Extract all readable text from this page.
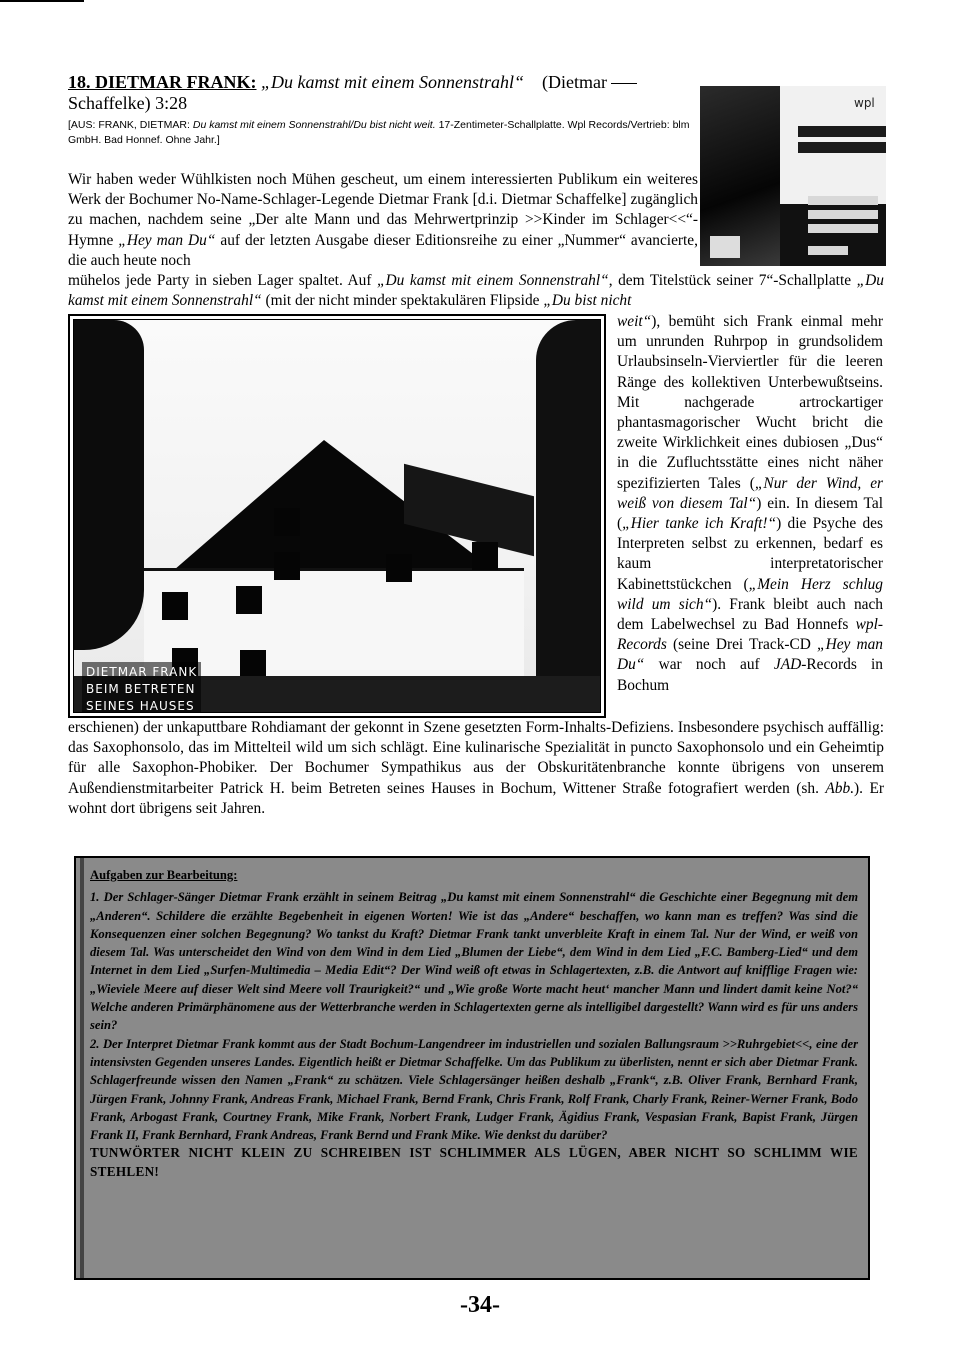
18. DIETMAR FRANK: „Du kamst mit einem Sonnenstrahl“ (Dietmar
Schaffelke) 3:28
[AUS: FRANK, DIETMAR: Du kamst mit einem Sonnenstrahl/Du bist nicht weit. 17-Zentimeter-Schallplatte. Wpl Records/Vertrieb: blm GmbH. Bad Honnef. Ohne Jahr.]
wpl
Wir haben weder Wühlkisten noch Mühen gescheut, um einem interessierten Publikum ein weiteres Werk der Bochumer No-Name-Schlager-Legende Dietmar Frank [d.i. Dietmar Schaffelke] zugänglich zu machen, nachdem seine „Der alte Mann und das Mehrwertprinzip >>Kinder im Schlager<<“-Hymne „Hey man Du“ auf der letzten Ausgabe dieser Editionsreihe zu einer „Nummer“ avancierte, die auch heute noch
mühelos jede Party in sieben Lager spaltet. Auf „Du kamst mit einem Sonnenstrahl“, dem Titelstück seiner 7“-Schallplatte „Du kamst mit einem Sonnenstrahl“ (mit der nicht minder spektakulären Flipside „Du bist nicht
DIETMAR FRANK
BEIM BETRETEN
SEINES HAUSES
weit“), bemüht sich Frank einmal mehr um unrunden Ruhrpop in grundsolidem Urlaubsinseln-Vierviertler für die leeren Ränge des kollektiven Unterbewußtseins. Mit nachgerade artrockartiger phantasmagorischer Wucht bricht die zweite Wirklichkeit eines dubiosen „Dus“ in die Zufluchtsstätte eines nicht näher spezifizierten Tales („Nur der Wind, er weiß von diesem Tal“) ein. In diesem Tal („Hier tanke ich Kraft!“) die Psyche des Interpreten selbst zu erkennen, bedarf es kaum interpretatorischer Kabinettstückchen („Mein Herz schlug wild um sich“). Frank bleibt auch nach dem Labelwechsel zu Bad Honnefs wpl-Records (seine Drei Track-CD „Hey man Du“ war noch auf JAD-Records in Bochum
erschienen) der unkaputtbare Rohdiamant der gekonnt in Szene gesetzten Form-Inhalts-Defiziens. Insbesondere psychisch auffällig: das Saxophonsolo, das im Mittelteil wild um sich schlägt. Eine kulinarische Spezialität in puncto Saxophonsolo und ein Geheimtip für alle Saxophon-Phobiker. Der Bochumer Sympathikus aus der Obskuritätenbranche konnte übrigens von unserem Außendienstmitarbeiter Patrick H. beim Betreten seines Hauses in Bochum, Wittener Straße fotografiert werden (sh. Abb.). Er wohnt dort übrigens seit Jahren.
Aufgaben zur Bearbeitung:
1. Der Schlager-Sänger Dietmar Frank erzählt in seinem Beitrag „Du kamst mit einem Sonnenstrahl“ die Geschichte einer Begegnung mit dem „Anderen“. Schildere die erzählte Begebenheit in eigenen Worten! Wie ist das „Andere“ beschaffen, wo kann man es treffen? Was sind die Konsequenzen einer solchen Begegnung? Wo tankst du Kraft? Dietmar Frank tankt unverbleite Kraft in einem Tal. Nur der Wind, er weiß von diesem Tal. Was unterscheidet den Wind von dem Wind in dem Lied „Blumen der Liebe“, dem Wind in dem Lied „F.C. Bamberg-Lied“ und dem Internet in dem Lied „Surfen-Multimedia – Media Edit“? Der Wind weiß oft etwas in Schlagertexten, z.B. die Antwort auf knifflige Fragen wie: „Wieviele Meere auf dieser Welt sind Meere voll Traurigkeit?“ und „Wie große Worte macht heut‘ mancher Mann und lindert damit keine Not?“ Welche anderen Primärphänomene aus der Wetterbranche werden in Schlagertexten gerne als intelligibel dargestellt? Wann wird es für uns anders sein?
2. Der Interpret Dietmar Frank kommt aus der Stadt Bochum-Langendreer im industriellen und sozialen Ballungsraum >>Ruhrgebiet<<, eine der intensivsten Gegenden unseres Landes. Eigentlich heißt er Dietmar Schaffelke. Um das Publikum zu überlisten, nennt er sich aber Dietmar Frank. Schlagerfreunde wissen den Namen „Frank“ zu schätzen. Viele Schlagersänger heißen deshalb „Frank“, z.B. Oliver Frank, Bernhard Frank, Jürgen Frank, Johnny Frank, Andreas Frank, Michael Frank, Bernd Frank, Chris Frank, Rolf Frank, Charly Frank, Reiner-Werner Frank, Bodo Frank, Arbogast Frank, Courtney Frank, Mike Frank, Norbert Frank, Ludger Frank, Ägidius Frank, Vespasian Frank, Bapist Frank, Jürgen Frank II, Frank Bernhard, Frank Andreas, Frank Bernd und Frank Mike. Wie denkst du darüber?
TUNWÖRTER NICHT KLEIN ZU SCHREIBEN IST SCHLIMMER ALS LÜGEN, ABER NICHT SO SCHLIMM WIE STEHLEN!
-34-
